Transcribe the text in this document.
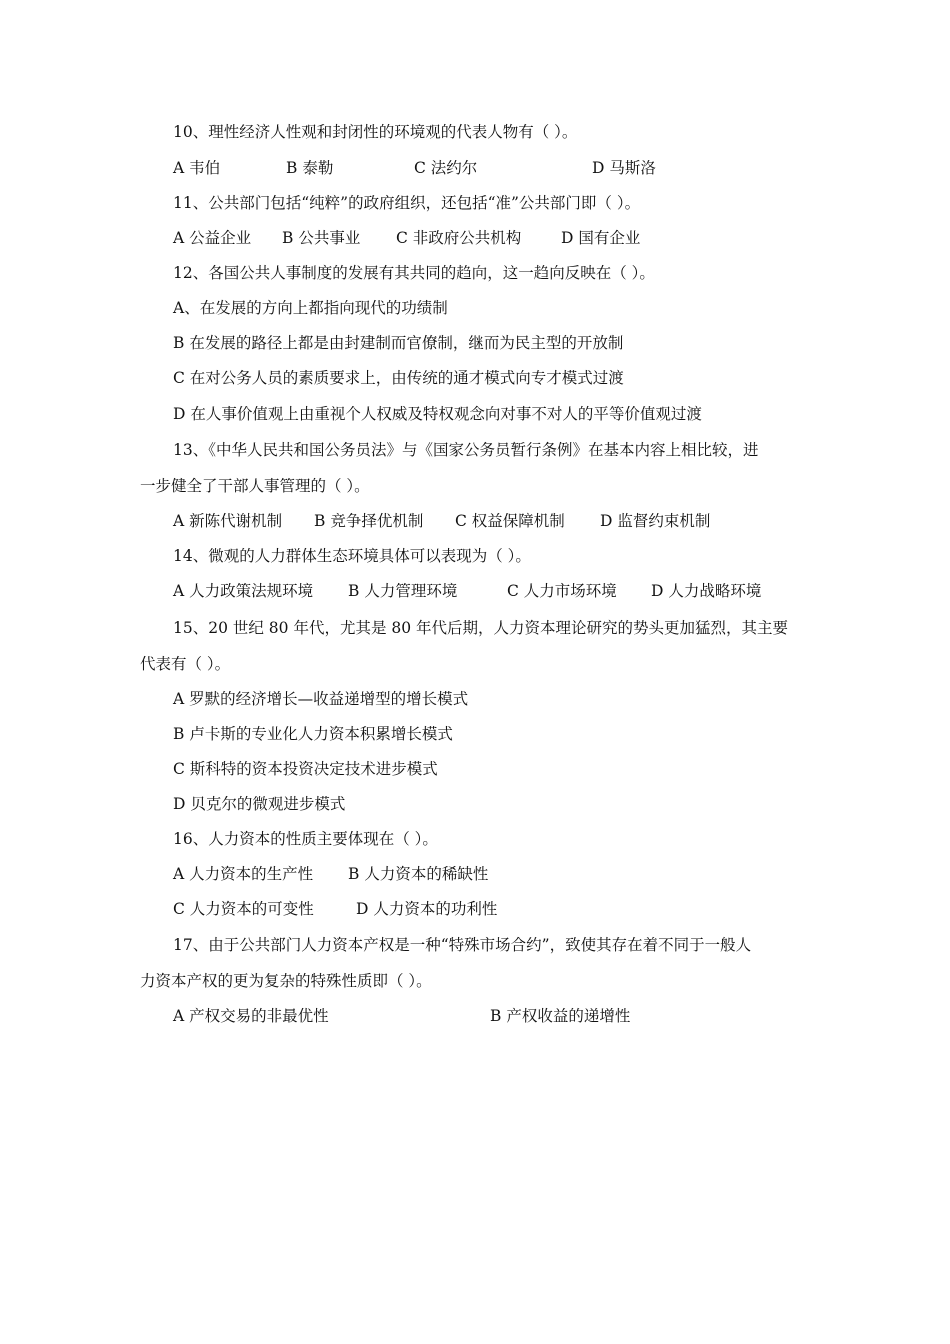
10、理性经济人性观和封闭性的环境观的代表人物有（ ）。
A 韦伯	B 泰勒	C 法约尔	D 马斯洛
11、公共部门包括“纯粹”的政府组织，还包括“准”公共部门即（ ）。
A 公益企业 B 公共事业 C 非政府公共机构	D 国有企业
12、各国公共人事制度的发展有其共同的趋向，这一趋向反映在（ ）。
A、在发展的方向上都指向现代的功绩制
B 在发展的路径上都是由封建制而官僚制，继而为民主型的开放制
C 在对公务人员的素质要求上，由传统的通才模式向专才模式过渡
D 在人事价值观上由重视个人权威及特权观念向对事不对人的平等价值观过渡
13、《中华人民共和国公务员法》与《国家公务员暂行条例》在基本内容上相比较，进
一步健全了干部人事管理的（ ）。
A 新陈代谢机制 B 竞争择优机制 C 权益保障机制 D 监督约束机制
14、微观的人力群体生态环境具体可以表现为（ ）。
A 人力政策法规环境 B 人力管理环境	C 人力市场环境 D 人力战略环境
15、20 世纪 80 年代，尤其是 80 年代后期，人力资本理论研究的势头更加猛烈，其主要
代表有（ ）。
A 罗默的经济增长—收益递增型的增长模式
B 卢卡斯的专业化人力资本积累增长模式
C 斯科特的资本投资决定技术进步模式
D 贝克尔的微观进步模式
16、人力资本的性质主要体现在（ ）。
A 人力资本的生产性 B 人力资本的稀缺性
C 人力资本的可变性	D 人力资本的功利性
17、由于公共部门人力资本产权是一种“特殊市场合约”，致使其存在着不同于一般人
力资本产权的更为复杂的特殊性质即（ ）。
A 产权交易的非最优性	B 产权收益的递增性
